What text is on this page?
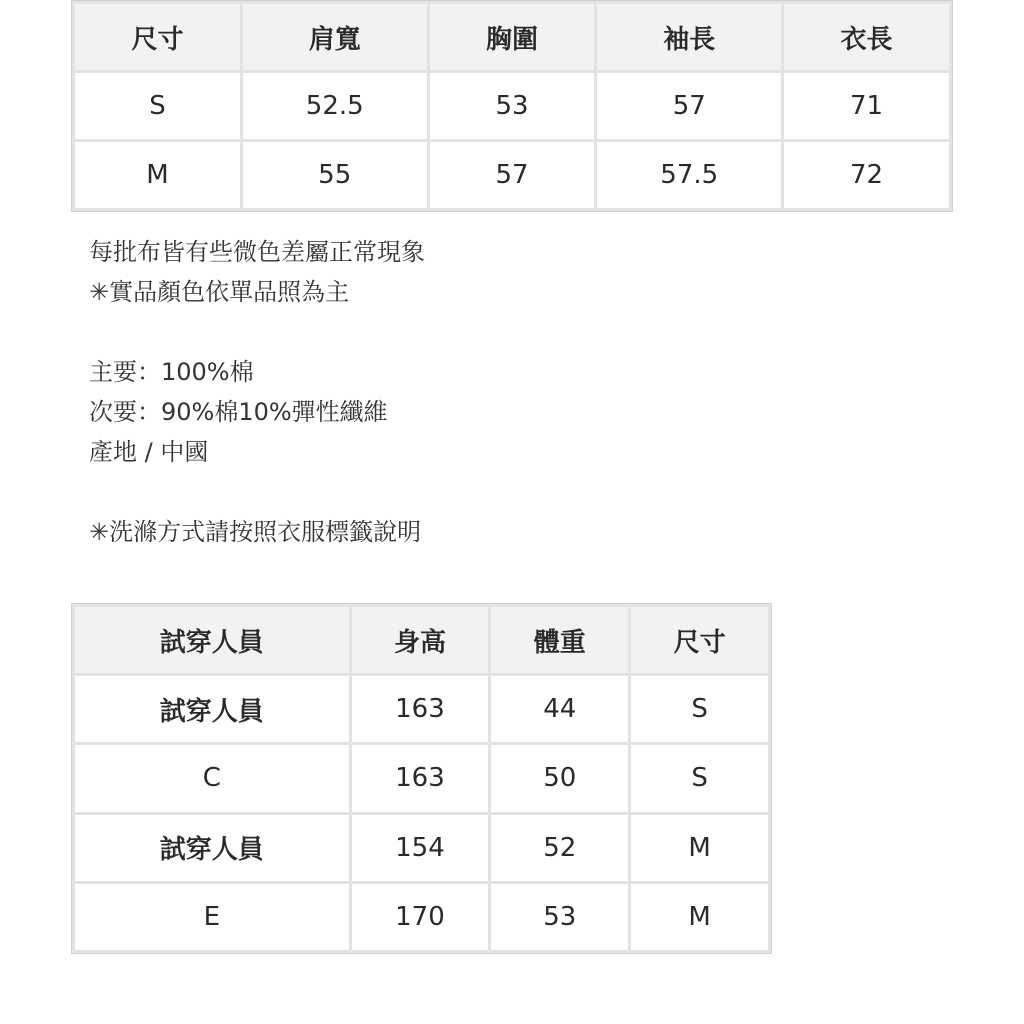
尺寸	肩寬	胸圍	袖長	衣長
S	52.5	53	57	71
M	55	57	57.5	72
每批布皆有些微色差屬正常現象
✳實品顏色依單品照為主
主要：100%棉
次要：90%棉10%彈性纖維
產地 / 中國
✳洗滌方式請按照衣服標籤說明
試穿人員	身高	體重	尺寸
試穿人員	163	44	S
C	163	50	S
試穿人員	154	52	M
E	170	53	M
